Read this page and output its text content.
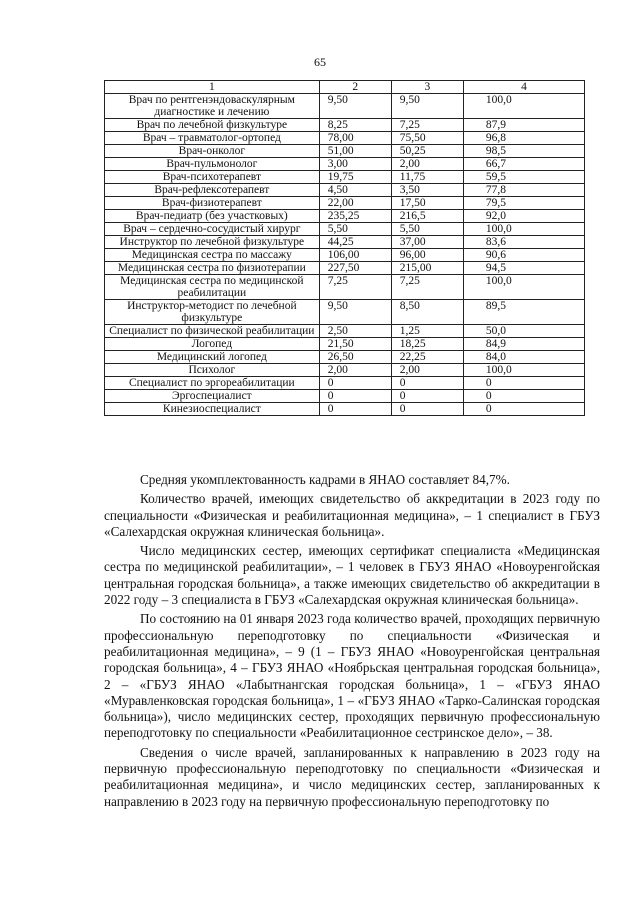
65
1	2	3	4
Врач по рентгенэндоваскулярным диагностике и лечению	9,50	9,50	100,0
Врач по лечебной физкультуре	8,25	7,25	87,9
Врач – травматолог-ортопед	78,00	75,50	96,8
Врач-онколог	51,00	50,25	98,5
Врач-пульмонолог	3,00	2,00	66,7
Врач-психотерапевт	19,75	11,75	59,5
Врач-рефлексотерапевт	4,50	3,50	77,8
Врач-физиотерапевт	22,00	17,50	79,5
Врач-педиатр (без участковых)	235,25	216,5	92,0
Врач – сердечно-сосудистый хирург	5,50	5,50	100,0
Инструктор по лечебной физкультуре	44,25	37,00	83,6
Медицинская сестра по массажу	106,00	96,00	90,6
Медицинская сестра по физиотерапии	227,50	215,00	94,5
Медицинская сестра по медицинской реабилитации	7,25	7,25	100,0
Инструктор-методист по лечебной физкультуре	9,50	8,50	89,5
Специалист по физической реабилитации	2,50	1,25	50,0
Логопед	21,50	18,25	84,9
Медицинский логопед	26,50	22,25	84,0
Психолог	2,00	2,00	100,0
Специалист по эргореабилитации	0	0	0
Эргоспециалист	0	0	0
Кинезиоспециалист	0	0	0

Средняя укомплектованность кадрами в ЯНАО составляет 84,7%.

Количество врачей, имеющих свидетельство об аккредитации в 2023 году по специальности «Физическая и реабилитационная медицина», – 1 специалист в ГБУЗ «Салехардская окружная клиническая больница».

Число медицинских сестер, имеющих сертификат специалиста «Медицинская сестра по медицинской реабилитации», – 1 человек в ГБУЗ ЯНАО «Новоуренгойская центральная городская больница», а также имеющих свидетельство об аккредитации в 2022 году – 3 специалиста в ГБУЗ «Салехардская окружная клиническая больница».

По состоянию на 01 января 2023 года количество врачей, проходящих первичную профессиональную переподготовку по специальности «Физическая и реабилитационная медицина», – 9 (1 – ГБУЗ ЯНАО «Новоуренгойская центральная городская больница», 4 – ГБУЗ ЯНАО «Ноябрьская центральная городская больница», 2 – «ГБУЗ ЯНАО «Лабытнангская городская больница», 1 – «ГБУЗ ЯНАО «Муравленковская городская больница», 1 – «ГБУЗ ЯНАО «Тарко-Салинская городская больница»), число медицинских сестер, проходящих первичную профессиональную переподготовку по специальности «Реабилитационное сестринское дело», – 38.

Сведения о числе врачей, запланированных к направлению в 2023 году на первичную профессиональную переподготовку по специальности «Физическая и реабилитационная медицина», и число медицинских сестер, запланированных к направлению в 2023 году на первичную профессиональную переподготовку по
